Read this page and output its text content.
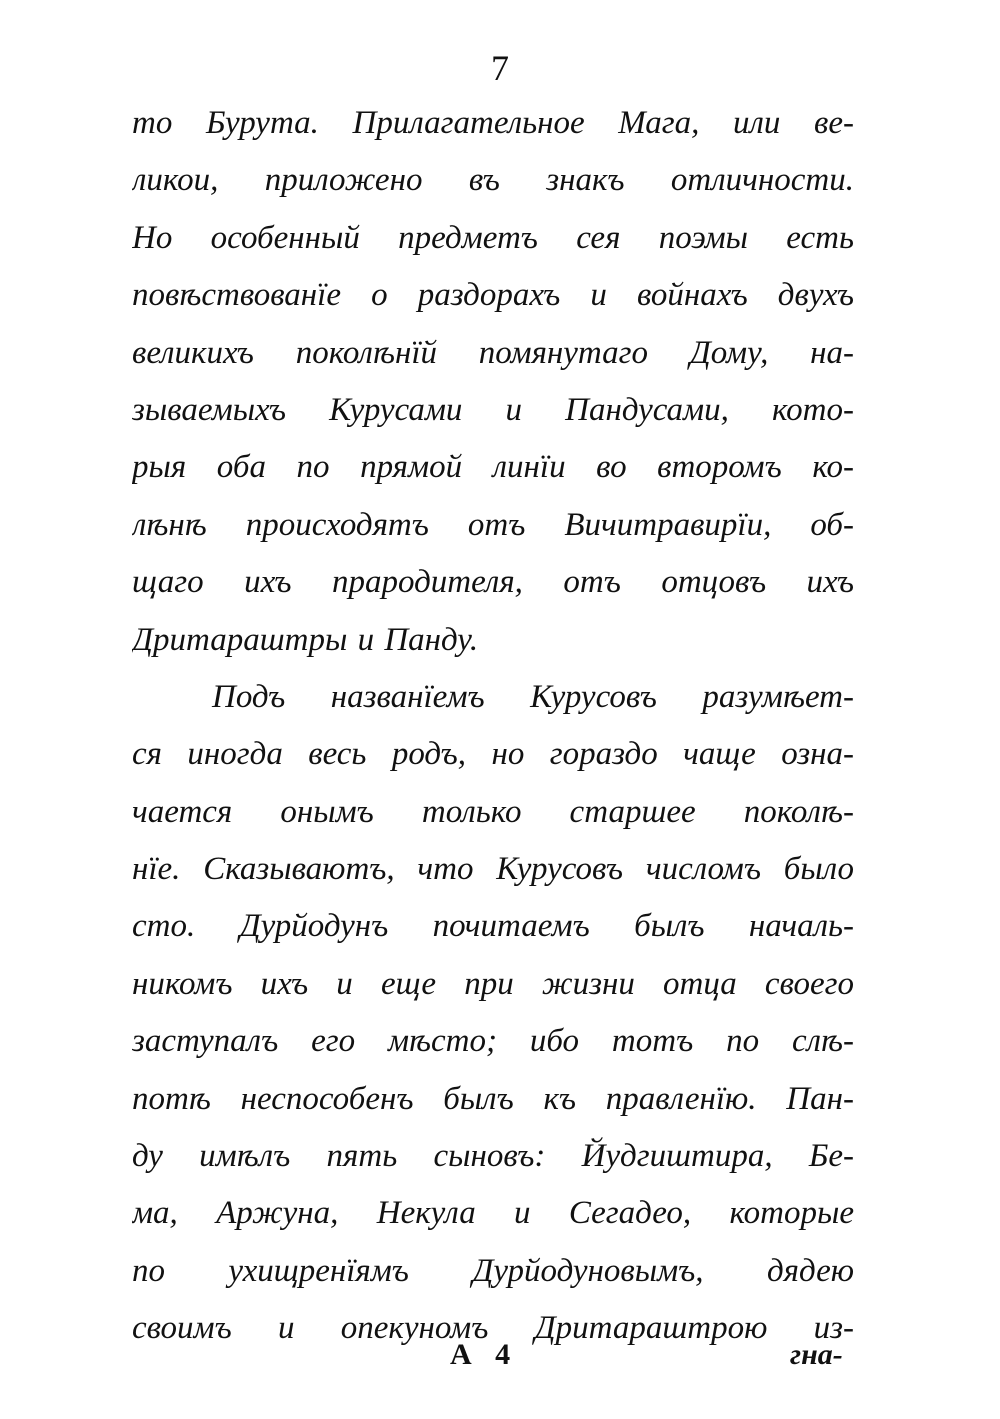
7
то Бурута. Прилагательное Мага, или ве-
ликои, приложено въ знакъ отличности.
Но особенный предметъ сея поэмы есть
повѣствованїе о раздорахъ и войнахъ двухъ
великихъ поколѣнїй помянутаго Дому, на-
зываемыхъ Курусами и Пандусами, кото-
рыя оба по прямой линїи во второмъ ко-
лѣнѣ происходятъ отъ Вичитравирїи, об-
щаго ихъ прародителя, отъ отцовъ ихъ
Дритараштры и Панду.
Подъ названїемъ Курусовъ разумѣет-
ся иногда весь родъ, но гораздо чаще озна-
чается онымъ только старшее поколѣ-
нїе. Сказываютъ, что Курусовъ числомъ было
сто. Дурйодунъ почитаемъ былъ началь-
никомъ ихъ и еще при жизни отца своего
заступалъ его мѣсто; ибо тотъ по слѣ-
потѣ неспособенъ былъ къ правленїю. Пан-
ду имѣлъ пять сыновъ: Йудгиштира, Бе-
ма, Аржуна, Некула и Сегадео, которые
по ухищренїямъ Дурйодуновымъ, дядею
своимъ и опекуномъ Дритараштрою из-
А 4	гна-
